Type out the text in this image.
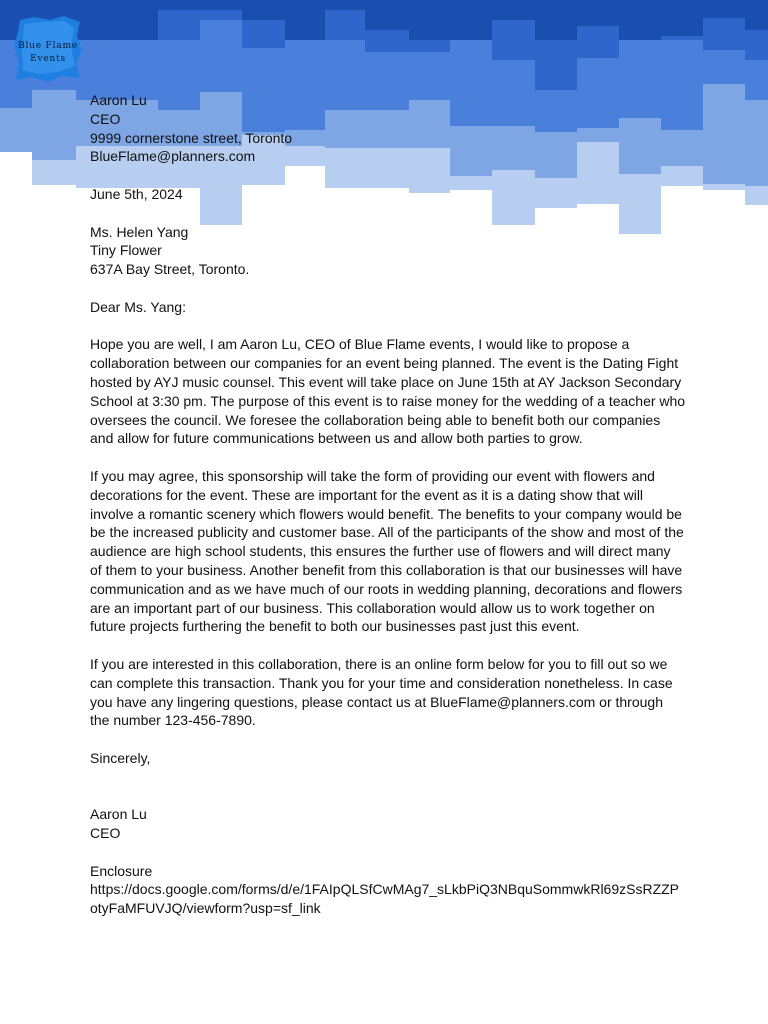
Blue Flame
Events
Aaron Lu
CEO
9999 cornerstone street, Toronto
BlueFlame@planners.com
June 5th, 2024
Ms. Helen Yang
Tiny Flower
637A Bay Street, Toronto.
Dear Ms. Yang:
Hope you are well, I am Aaron Lu, CEO of Blue Flame events, I would like to propose a
collaboration between our companies for an event being planned. The event is the Dating Fight
hosted by AYJ music counsel. This event will take place on June 15th at AY Jackson Secondary
School at 3:30 pm. The purpose of this event is to raise money for the wedding of a teacher who
oversees the council. We foresee the collaboration being able to benefit both our companies
and allow for future communications between us and allow both parties to grow.
If you may agree, this sponsorship will take the form of providing our event with flowers and
decorations for the event. These are important for the event as it is a dating show that will
involve a romantic scenery which flowers would benefit. The benefits to your company would be
be the increased publicity and customer base. All of the participants of the show and most of the
audience are high school students, this ensures the further use of flowers and will direct many
of them to your business. Another benefit from this collaboration is that our businesses will have
communication and as we have much of our roots in wedding planning, decorations and flowers
are an important part of our business. This collaboration would allow us to work together on
future projects furthering the benefit to both our businesses past just this event.
If you are interested in this collaboration, there is an online form below for you to fill out so we
can complete this transaction. Thank you for your time and consideration nonetheless. In case
you have any lingering questions, please contact us at BlueFlame@planners.com or through
the number 123-456-7890.
Sincerely,
Aaron Lu
CEO
Enclosure
https://docs.google.com/forms/d/e/1FAIpQLSfCwMAg7_sLkbPiQ3NBquSommwkRl69zSsRZZP
otyFaMFUVJQ/viewform?usp=sf_link
